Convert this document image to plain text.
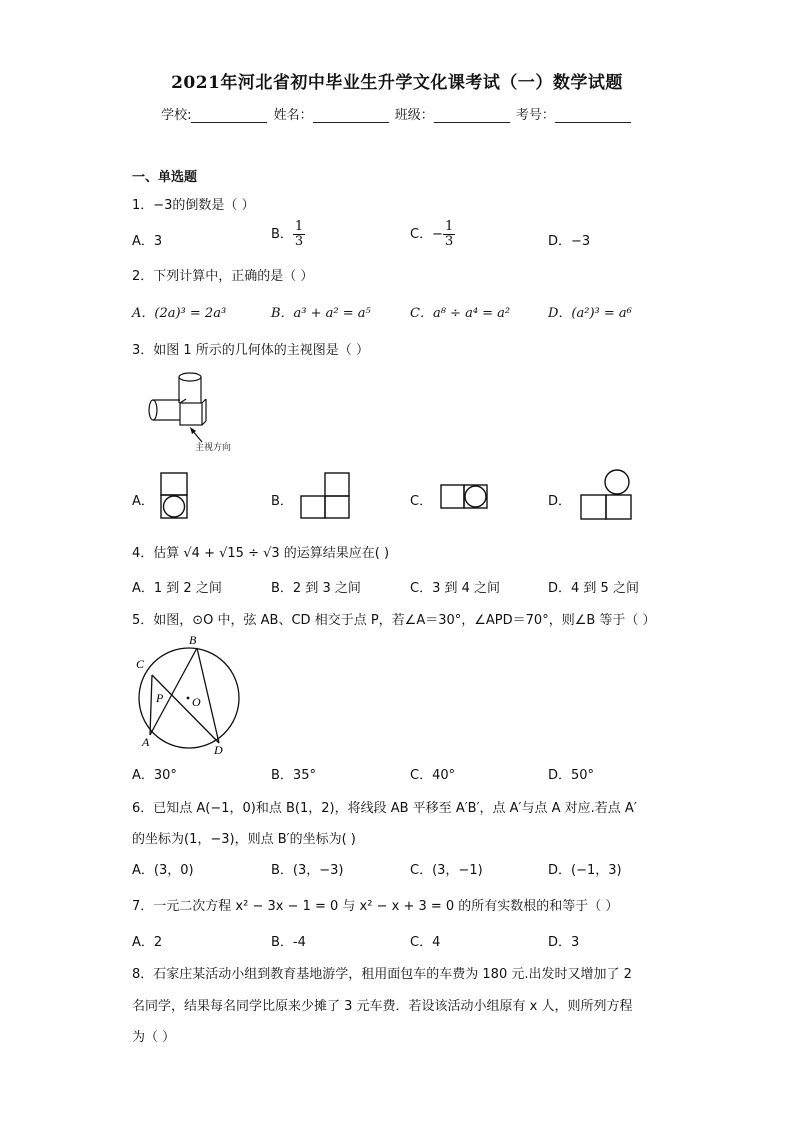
2021年河北省初中毕业生升学文化课考试（一）数学试题
学校:	姓名：	班级：	考号：
一、单选题
1．−3的倒数是（ ）
A．3	B． $\frac{1}{3}$	C．− $\frac{1}{3}$	D．−3
2．下列计算中，正确的是（ ）
A．(2a)³ = 2a³	B．a³ + a² = a⁵	C．a⁸ ÷ a⁴ = a²	D．(a²)³ = a⁶
3．如图 1 所示的几何体的主视图是（ ）
主视方向
A．	B．	C．	D．
4．估算 √4 + √15 ÷ √3 的运算结果应在( )
A．1 到 2 之间	B．2 到 3 之间	C．3 到 4 之间	D．4 到 5 之间
5．如图，⊙O 中，弦 AB、CD 相交于点 P，若∠A＝30°，∠APD＝70°，则∠B 等于（ ）
B
C
P O
A
D
A．30°	B．35°	C．40°	D．50°
6．已知点 A(−1，0)和点 B(1，2)，将线段 AB 平移至 A′B′，点 A′与点 A 对应.若点 A′
的坐标为(1，−3)，则点 B′的坐标为( )
A．(3，0)	B．(3，−3)	C．(3，−1)	D．(−1，3)
7．一元二次方程 x² − 3x − 1 = 0 与 x² − x + 3 = 0 的所有实数根的和等于（ ）
A．2	B．-4	C．4	D．3
8．石家庄某活动小组到教育基地游学，租用面包车的车费为 180 元.出发时又增加了 2
名同学，结果每名同学比原来少摊了 3 元车费．若设该活动小组原有 x 人，则所列方程
为（ ）
